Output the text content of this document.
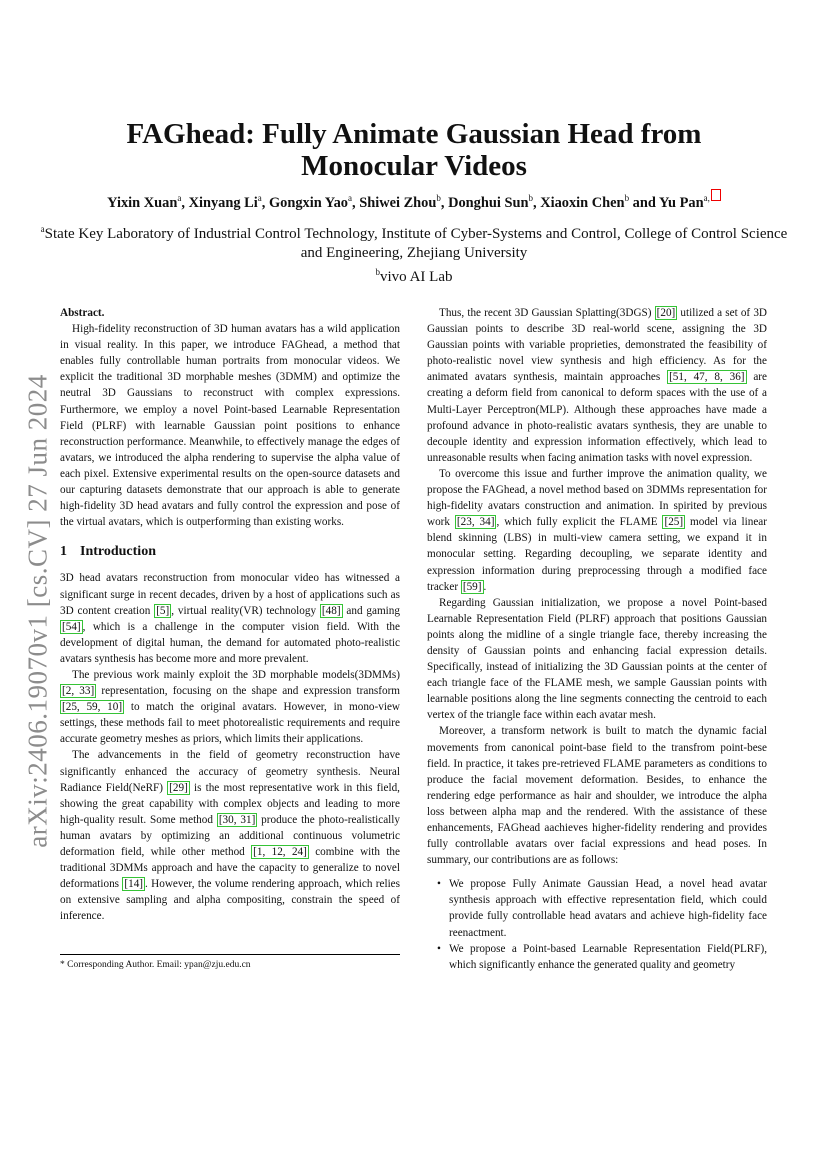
arXiv:2406.19070v1 [cs.CV] 27 Jun 2024
FAGhead: Fully Animate Gaussian Head from
Monocular Videos
Yixin Xuan$^a$, Xinyang Li$^a$, Gongxin Yao$^a$, Shiwei Zhou$^b$, Donghui Sun$^b$, Xiaoxin Chen$^b$ and Yu Pan$^{a,}$
$^a$State Key Laboratory of Industrial Control Technology, Institute of Cyber-Systems and Control, College of Control Science and Engineering, Zhejiang University
$^b$vivo AI Lab
Abstract.

High-fidelity reconstruction of 3D human avatars has a wild application in visual reality. In this paper, we introduce FAGhead, a method that enables fully controllable human portraits from monocular videos. We explicit the traditional 3D morphable meshes (3DMM) and optimize the neutral 3D Gaussians to reconstruct with complex expressions. Furthermore, we employ a novel Point-based Learnable Representation Field (PLRF) with learnable Gaussian point positions to enhance reconstruction performance. Meanwhile, to effectively manage the edges of avatars, we introduced the alpha rendering to supervise the alpha value of each pixel. Extensive experimental results on the open-source datasets and our capturing datasets demonstrate that our approach is able to generate high-fidelity 3D head avatars and fully control the expression and pose of the virtual avatars, which is outperforming than existing works.

1 Introduction

3D head avatars reconstruction from monocular video has witnessed a significant surge in recent decades, driven by a host of applications such as 3D content creation [5] , virtual reality(VR) technology [48] and gaming [54] , which is a challenge in the computer vision field. With the development of digital human, the demand for automated photo-realistic avatars synthesis has become more and more prevalent.

The previous work mainly exploit the 3D morphable models(3DMMs) [2, 33] representation, focusing on the shape and expression transform [25, 59, 10] to match the original avatars. However, in mono-view settings, these methods fail to meet photorealistic requirements and require accurate geometry meshes as priors, which limits their applications.

The advancements in the field of geometry reconstruction have significantly enhanced the accuracy of geometry synthesis. Neural Radiance Field(NeRF) [29] is the most representative work in this field, showing the great capability with complex objects and leading to more high-quality result. Some method [30, 31] produce the photo-realistically human avatars by optimizing an additional continuous volumetric deformation field, while other method [1, 12, 24] combine with the traditional 3DMMs approach and have the capacity to generalize to novel deformations [14] . However, the volume rendering approach, which relies on extensive sampling and alpha compositing, constrain the speed of inference.

* Corresponding Author. Email: ypan@zju.edu.cn

Thus, the recent 3D Gaussian Splatting(3DGS) [20] utilized a set of 3D Gaussian points to describe 3D real-world scene, assigning the 3D Gaussian points with variable proprieties, demonstrated the feasibility of photo-realistic novel view synthesis and high efficiency. As for the animated avatars synthesis, maintain approaches [51, 47, 8, 36] are creating a deform field from canonical to deform spaces with the use of a Multi-Layer Perceptron(MLP). Although these approaches have made a profound advance in photo-realistic avatars synthesis, they are unable to decouple identity and expression information effectively, which lead to unreasonable results when facing animation tasks with novel expression.

To overcome this issue and further improve the animation quality, we propose the FAGhead, a novel method based on 3DMMs representation for high-fidelity avatars construction and animation. In spirited by previous work [23, 34] , which fully explicit the FLAME [25] model via linear blend skinning (LBS) in multi-view camera setting, we expand it in monocular setting. Regarding decoupling, we separate identity and expression information during preprocessing through a modified face tracker [59] .

Regarding Gaussian initialization, we propose a novel Point-based Learnable Representation Field (PLRF) approach that positions Gaussian points along the midline of a single triangle face, thereby increasing the density of Gaussian points and enhancing facial expression details. Specifically, instead of initializing the 3D Gaussian points at the center of each triangle face of the FLAME mesh, we sample Gaussian points with learnable positions along the line segments connecting the centroid to each vertex of the triangle face within each avatar mesh.

Moreover, a transform network is built to match the dynamic facial movements from canonical point-base field to the transfrom point-bese field. In practice, it takes pre-retrieved FLAME parameters as conditions to produce the facial movement deformation. Besides, to enhance the rendering edge performance as hair and shoulder, we introduce the alpha loss between alpha map and the rendered. With the assistance of these enhancements, FAGhead aachieves higher-fidelity rendering and provides fully controllable avatars over facial expressions and head poses. In summary, our contributions are as follows:

• We propose Fully Animate Gaussian Head, a novel head avatar synthesis approach with effective representation field, which could provide fully controllable head avatars and achieve high-fidelity face reenactment.
• We propose a Point-based Learnable Representation Field(PLRF), which significantly enhance the generated quality and geometry
